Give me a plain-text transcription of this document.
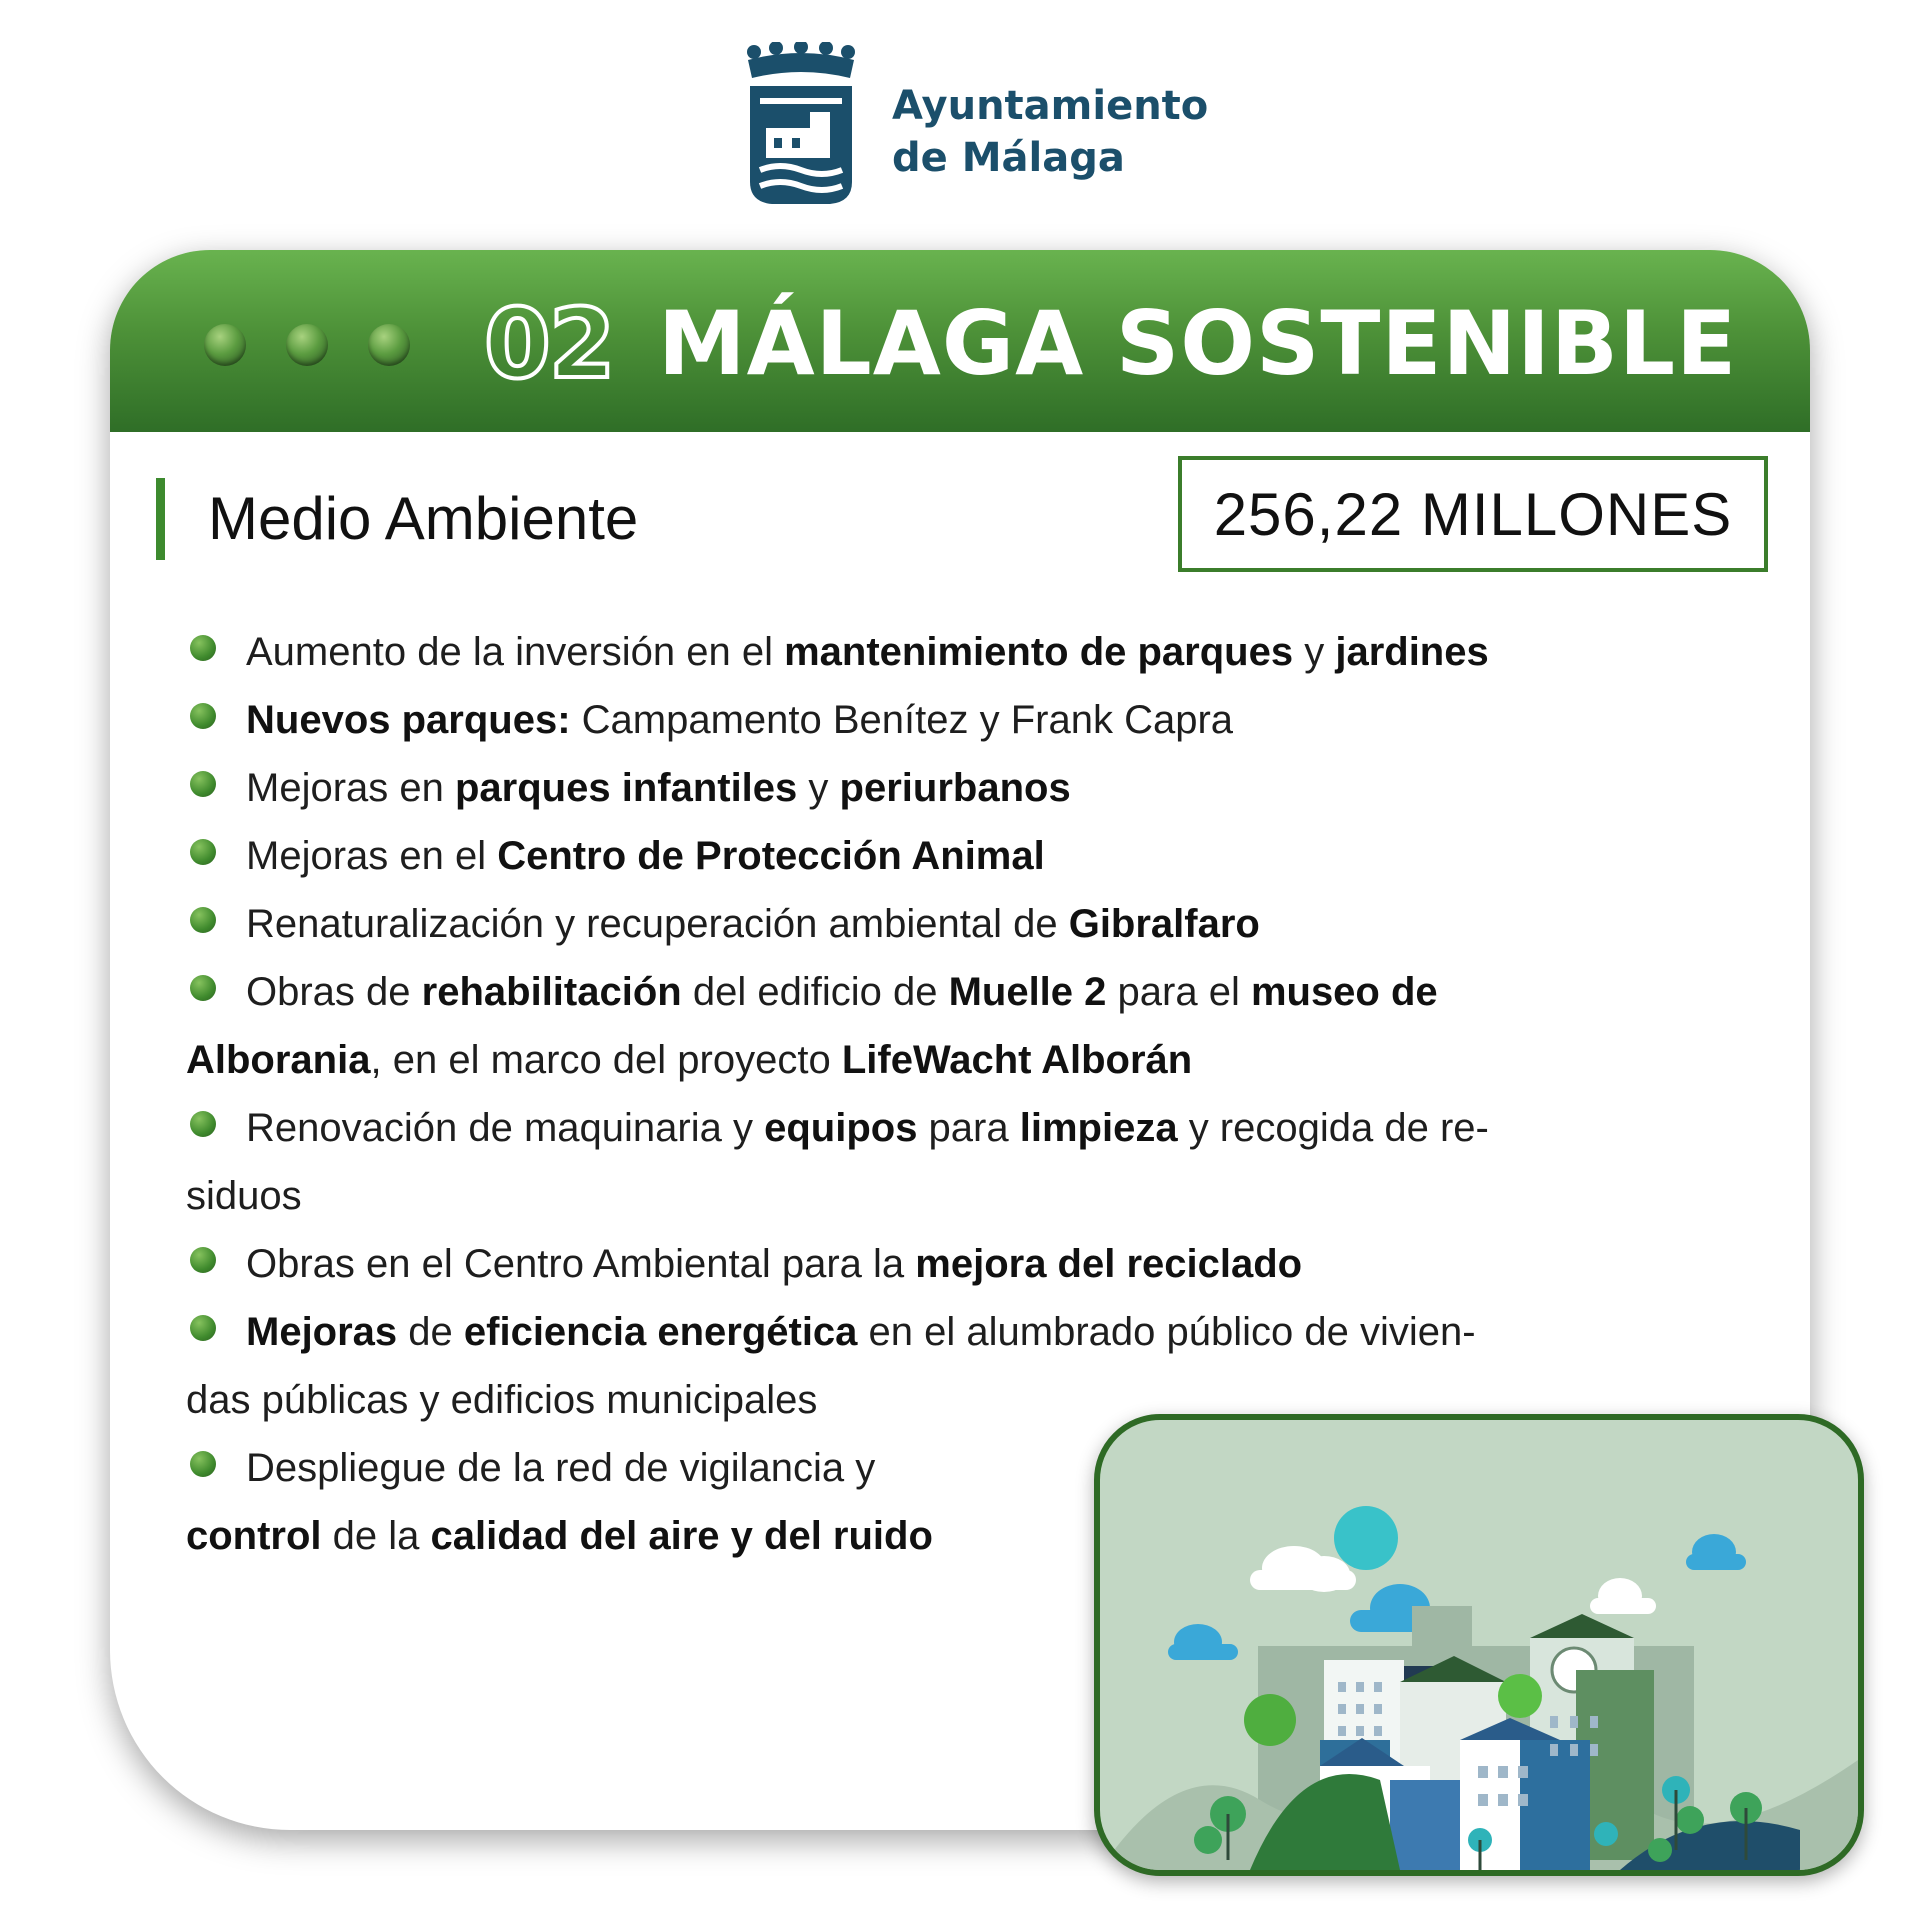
Ayuntamiento
de Málaga
02 MÁLAGA SOSTENIBLE
Medio Ambiente	256,22 MILLONES
Aumento de la inversión en el mantenimiento de parques y jardines
Nuevos parques: Campamento Benítez y Frank Capra
Mejoras en parques infantiles y periurbanos
Mejoras en el Centro de Protección Animal
Renaturalización y recuperación ambiental de Gibralfaro
Obras de rehabilitación del edificio de Muelle 2 para el museo de
Alborania, en el marco del proyecto LifeWacht Alborán
Renovación de maquinaria y equipos para limpieza y recogida de re-
siduos
Obras en el Centro Ambiental para la mejora del reciclado
Mejoras de eficiencia energética en el alumbrado público de vivien-
das públicas y edificios municipales
Despliegue de la red de vigilancia y
control de la calidad del aire y del ruido
